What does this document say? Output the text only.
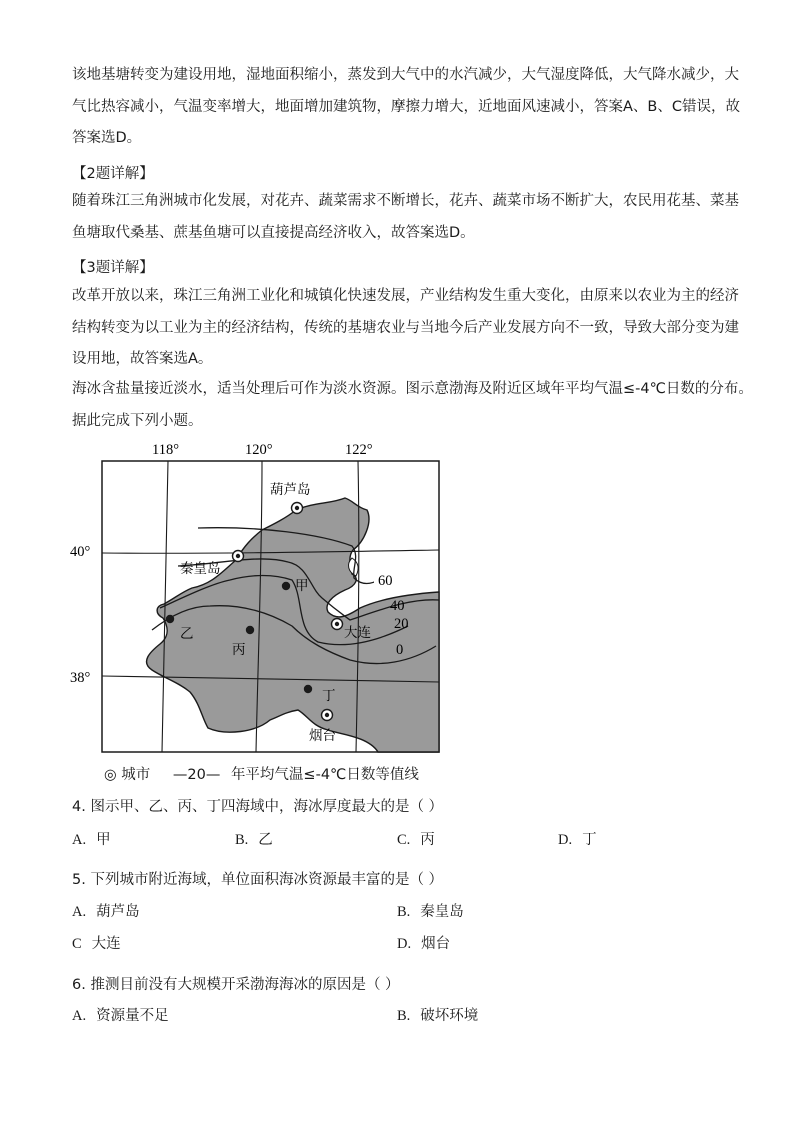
该地基塘转变为建设用地，湿地面积缩小，蒸发到大气中的水汽减少，大气湿度降低，大气降水减少，大
气比热容减小，气温变率增大，地面增加建筑物，摩擦力增大，近地面风速减小，答案A、B、C错误，故
答案选D。
【2题详解】
随着珠江三角洲城市化发展，对花卉、蔬菜需求不断增长，花卉、蔬菜市场不断扩大，农民用花基、菜基
鱼塘取代桑基、蔗基鱼塘可以直接提高经济收入，故答案选D。
【3题详解】
改革开放以来，珠江三角洲工业化和城镇化快速发展，产业结构发生重大变化，由原来以农业为主的经济
结构转变为以工业为主的经济结构，传统的基塘农业与当地今后产业发展方向不一致，导致大部分变为建
设用地，故答案选A。
海冰含盐量接近淡水，适当处理后可作为淡水资源。图示意渤海及附近区域年平均气温≤-4℃日数的分布。
据此完成下列小题。
118°	120°	122°
40°
38°
60
40
20
0
葫芦岛
秦皇岛
大连
烟台
甲
乙
丙
丁
◎ 城市 —20— 年平均气温≤-4℃日数等值线
4. 图示甲、乙、丙、丁四海域中，海冰厚度最大的是（ ）
A. 甲	B. 乙	C. 丙	D. 丁
5. 下列城市附近海域，单位面积海冰资源最丰富的是（ ）
A. 葫芦岛	B. 秦皇岛
C 大连	D. 烟台
6. 推测目前没有大规模开采渤海海冰的原因是（ ）
A. 资源量不足	B. 破坏环境
